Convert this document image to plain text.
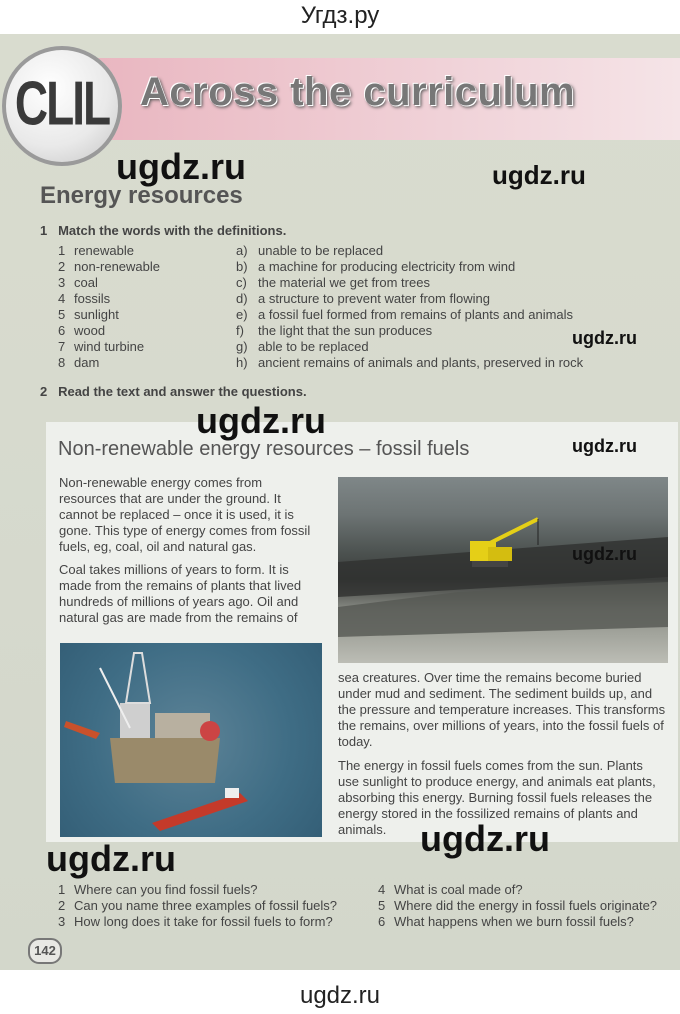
Угдз.ру
CLIL Across the curriculum
Energy resources
1 Match the words with the definitions.
1 renewable
2 non-renewable
3 coal
4 fossils
5 sunlight
6 wood
7 wind turbine
8 dam
a) unable to be replaced
b) a machine for producing electricity from wind
c) the material we get from trees
d) a structure to prevent water from flowing
e) a fossil fuel formed from remains of plants and animals
f) the light that the sun produces
g) able to be replaced
h) ancient remains of animals and plants, preserved in rock
2 Read the text and answer the questions.
Non-renewable energy resources – fossil fuels
Non-renewable energy comes from
resources that are under the ground. It
cannot be replaced – once it is used, it is
gone. This type of energy comes from fossil
fuels, eg, coal, oil and natural gas.
Coal takes millions of years to form. It is
made from the remains of plants that lived
hundreds of millions of years ago. Oil and
natural gas are made from the remains of
sea creatures. Over time the remains become buried
under mud and sediment. The sediment builds up, and
the pressure and temperature increases. This transforms
the remains, over millions of years, into the fossil fuels of
today.
The energy in fossil fuels comes from the sun. Plants
use sunlight to produce energy, and animals eat plants,
absorbing this energy. Burning fossil fuels releases the
energy stored in the fossilized remains of plants and
animals.
1 Where can you find fossil fuels?
2 Can you name three examples of fossil fuels?
3 How long does it take for fossil fuels to form?
4 What is coal made of?
5 Where did the energy in fossil fuels originate?
6 What happens when we burn fossil fuels?
142
ugdz.ru	ugdz.ru
ugdz.ru
ugdz.ru
ugdz.ru
ugdz.ru
ugdz.ru
ugdz.ru
ugdz.ru
